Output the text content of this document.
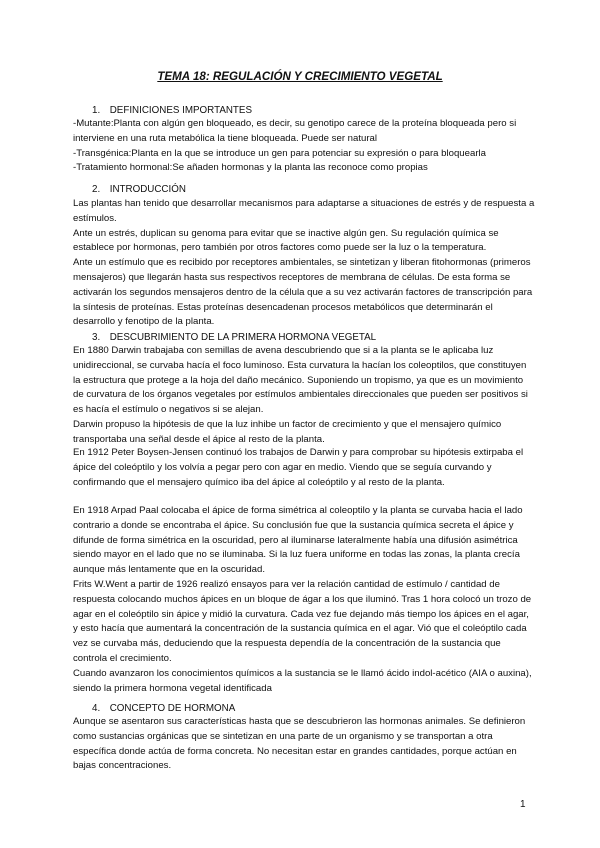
TEMA 18: REGULACIÓN Y CRECIMIENTO VEGETAL
1. DEFINICIONES IMPORTANTES

-Mutante:Planta con algún gen bloqueado, es decir, su genotipo carece de la proteína bloqueada pero si interviene en una ruta metabólica la tiene bloqueada. Puede ser natural

-Transgénica:Planta en la que se introduce un gen para potenciar su expresión o para bloquearla

-Tratamiento hormonal:Se añaden hormonas y la planta las reconoce como propias

2. INTRODUCCIÓN

Las plantas han tenido que desarrollar mecanismos para adaptarse a situaciones de estrés y de respuesta a estímulos.

Ante un estrés, duplican su genoma para evitar que se inactive algún gen. Su regulación química se establece por hormonas, pero también por otros factores como puede ser la luz o la temperatura.

Ante un estímulo que es recibido por receptores ambientales, se sintetizan y liberan fitohormonas (primeros mensajeros) que llegarán hasta sus respectivos receptores de membrana de células. De esta forma se activarán los segundos mensajeros dentro de la célula que a su vez activarán factores de transcripción para la síntesis de proteínas. Estas proteínas desencadenan procesos metabólicos que determinarán el desarrollo y fenotipo de la planta.

3. DESCUBRIMIENTO DE LA PRIMERA HORMONA VEGETAL

En 1880 Darwin trabajaba con semillas de avena descubriendo que si a la planta se le aplicaba luz unidireccional, se curvaba hacía el foco luminoso. Esta curvatura la hacían los coleoptilos, que constituyen la estructura que protege a la hoja del daño mecánico. Suponiendo un tropismo, ya que es un movimiento de curvatura de los órganos vegetales por estímulos ambientales direccionales que pueden ser positivos si es hacía el estímulo o negativos si se alejan.

Darwin propuso la hipótesis de que la luz inhibe un factor de crecimiento y que el mensajero químico transportaba una señal desde el ápice al resto de la planta.

En 1912 Peter Boysen-Jensen continuó los trabajos de Darwin y para comprobar su hipótesis extirpaba el ápice del coleóptilo y los volvía a pegar pero con agar en medio. Viendo que se seguía curvando y confirmando que el mensajero químico iba del ápice al coleóptilo y al resto de la planta.

En 1918 Arpad Paal colocaba el ápice de forma simétrica al coleoptilo y la planta se curvaba hacia el lado contrario a donde se encontraba el ápice. Su conclusión fue que la sustancia química secreta el ápice y difunde de forma simétrica en la oscuridad, pero al iluminarse lateralmente había una difusión asimétrica siendo mayor en el lado que no se iluminaba. Si la luz fuera uniforme en todas las zonas, la planta crecía aunque más lentamente que en la oscuridad.

Frits W.Went a partir de 1926 realizó ensayos para ver la relación cantidad de estímulo / cantidad de respuesta colocando muchos ápices en un bloque de ágar a los que iluminó. Tras 1 hora colocó un trozo de agar en el coleóptilo sin ápice y midió la curvatura. Cada vez fue dejando más tiempo los ápices en el agar, y esto hacía que aumentará la concentración de la sustancia química en el agar. Vió que el coleóptilo cada vez se curvaba más, deduciendo que la respuesta dependía de la concentración de la sustancia que controla el crecimiento.

Cuando avanzaron los conocimientos químicos a la sustancia se le llamó ácido indol-acético (AIA o auxina), siendo la primera hormona vegetal identificada

4. CONCEPTO DE HORMONA

Aunque se asentaron sus características hasta que se descubrieron las hormonas animales. Se definieron como sustancias orgánicas que se sintetizan en una parte de un organismo y se transportan a otra específica donde actúa de forma concreta. No necesitan estar en grandes cantidades, porque actúan en bajas concentraciones.

1
